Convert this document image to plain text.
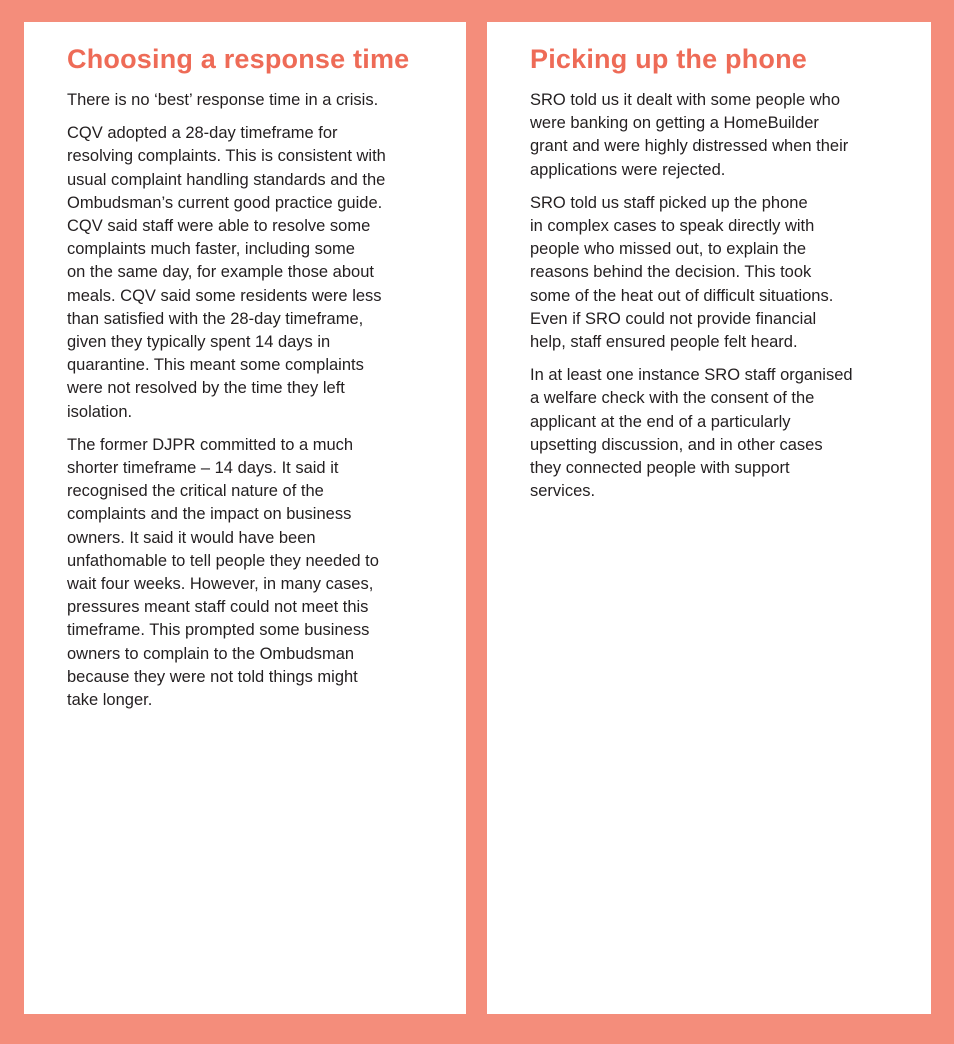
Choosing a response time

There is no ‘best’ response time in a crisis.

CQV adopted a 28-day timeframe for
resolving complaints. This is consistent with
usual complaint handling standards and the
Ombudsman’s current good practice guide.
CQV said staff were able to resolve some
complaints much faster, including some
on the same day, for example those about
meals. CQV said some residents were less
than satisfied with the 28-day timeframe,
given they typically spent 14 days in
quarantine. This meant some complaints
were not resolved by the time they left
isolation.

The former DJPR committed to a much
shorter timeframe – 14 days. It said it
recognised the critical nature of the
complaints and the impact on business
owners. It said it would have been
unfathomable to tell people they needed to
wait four weeks. However, in many cases,
pressures meant staff could not meet this
timeframe. This prompted some business
owners to complain to the Ombudsman
because they were not told things might
take longer.

Picking up the phone

SRO told us it dealt with some people who
were banking on getting a HomeBuilder
grant and were highly distressed when their
applications were rejected.

SRO told us staff picked up the phone
in complex cases to speak directly with
people who missed out, to explain the
reasons behind the decision. This took
some of the heat out of difficult situations.
Even if SRO could not provide financial
help, staff ensured people felt heard.

In at least one instance SRO staff organised
a welfare check with the consent of the
applicant at the end of a particularly
upsetting discussion, and in other cases
they connected people with support
services.
